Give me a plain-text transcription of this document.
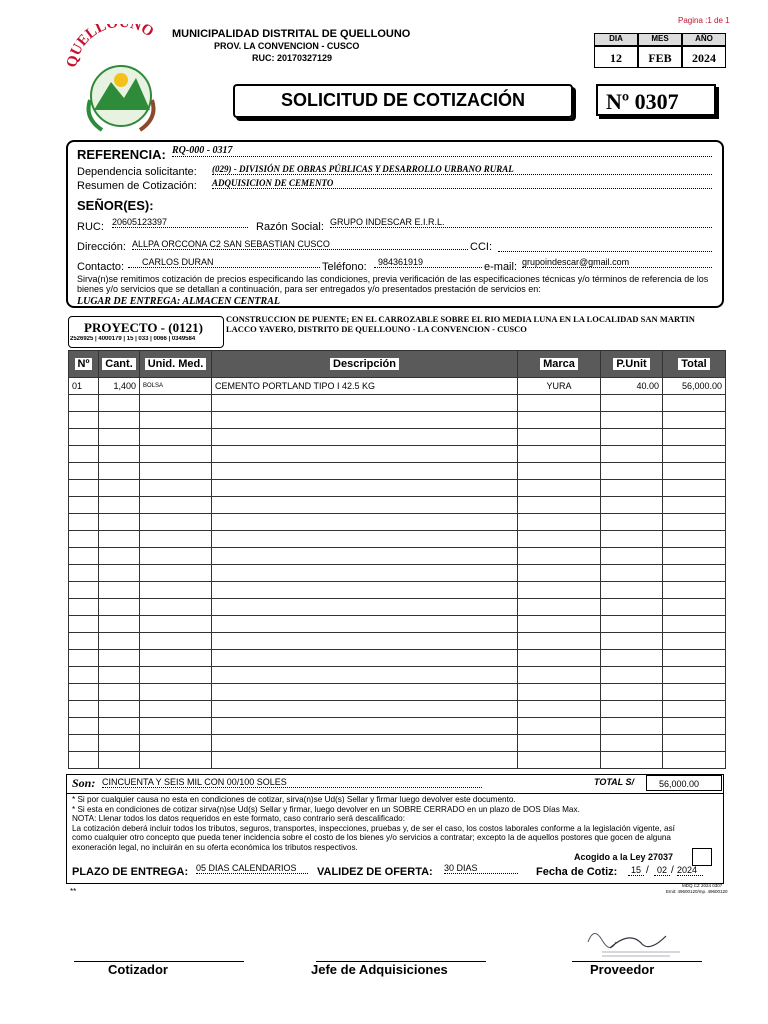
Pagina :1 de 1
UELL NO MUNICIPALIDAD DISTRITAL DE QUELLOUNO
PROV. LA CONVENCION - CUSCO
RUC: 20170327129
DIA	MES	AÑO
12	FEB	2024
SOLICITUD DE COTIZACIÓN	Nº 0307
REFERENCIA: RQ-000 - 0317
Dependencia solicitante: (029) - DIVISIÓN DE OBRAS PÚBLICAS Y DESARROLLO URBANO RURAL
Resumen de Cotización: ADQUISICION DE CEMENTO
SEÑOR(ES):
RUC: 20605123397	Razón Social: GRUPO INDESCAR E.I.R.L.
Dirección: ALLPA ORCCONA C2 SAN SEBASTIAN CUSCO	CCI:
Contacto:	CARLOS DURAN	Teléfono:	984361919	e-mail: grupoindescar@gmail.com
Sirva(n)se remitimos cotización de precios especificando las condiciones, previa verificación de las especificaciones técnicas y/o términos de referencia de los bienes y/o servicios que se detallan a continuación, para ser entregados y/o presentados prestación de servicios en:
LUGAR DE ENTREGA: ALMACEN CENTRAL
PROYECTO - (0121)
2526925 | 4000179 | 15 | 033 | 0066 | 0349584
CONSTRUCCION DE PUENTE; EN EL CARROZABLE SOBRE EL RIO MEDIA LUNA EN LA LOCALIDAD SAN MARTIN LACCO YAVERO, DISTRITO DE QUELLOUNO - LA CONVENCION - CUSCO
Nº	Cant.	Unid. Med.	Descripción	Marca	P.Unit	Total
01	1,400	BOLSA	CEMENTO PORTLAND TIPO I 42.5 KG	YURA	40.00	56,000.00

Son: CINCUENTA Y SEIS MIL CON 00/100 SOLES	TOTAL S/	56,000.00
* Si por cualquier causa no esta en condiciones de cotizar, sirva(n)se Ud(s) Sellar y firmar luego devolver este documento.
* Si esta en condiciones de cotizar sirva(n)se Ud(s) Sellar y firmar, luego devolver en un SOBRE CERRADO en un plazo de DOS Días Max.
NOTA: Llenar todos los datos requeridos en este formato, caso contrario será descalificado:
La cotización deberá incluir todos los tributos, seguros, transportes, inspecciones, pruebas y, de ser el caso, los costos laborales conforme a la legislación vigente, así como cualquier otro concepto que pueda tener incidencia sobre el costo de los bienes y/o servicios a contratar; excepto la de aquellos postores que gocen de alguna exoneración legal, no incluirán en su oferta económica los tributos respectivos.
Acogido a la Ley 27037
PLAZO DE ENTREGA: 05 DIAS CALENDARIOS	VALIDEZ DE OFERTA: 30 DIAS	Fecha de Cotiz:	15 / 02 / 2024
**
MDQ CZ 2024 0307
Emit: 49600120/mp. 49600120
Cotizador	Jefe de Adquisiciones	Proveedor
